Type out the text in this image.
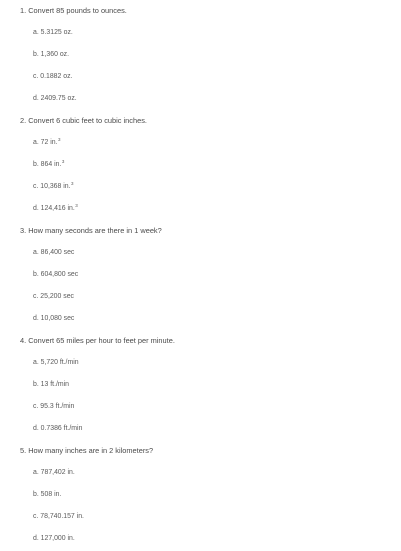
1. Convert 85 pounds to ounces.
a. 5.3125 oz.
b. 1,360 oz.
c. 0.1882 oz.
d. 2409.75 oz.
2. Convert 6 cubic feet to cubic inches.
a. 72 in.$^3$
b. 864 in.$^3$
c. 10,368 in.$^3$
d. 124,416 in.$^3$
3. How many seconds are there in 1 week?
a. 86,400 sec
b. 604,800 sec
c. 25,200 sec
d. 10,080 sec
4. Convert 65 miles per hour to feet per minute.
a. 5,720 ft./min
b. 13 ft./min
c. 95.3 ft./min
d. 0.7386 ft./min
5. How many inches are in 2 kilometers?
a. 787,402 in.
b. 508 in.
c. 78,740.157 in.
d. 127,000 in.
